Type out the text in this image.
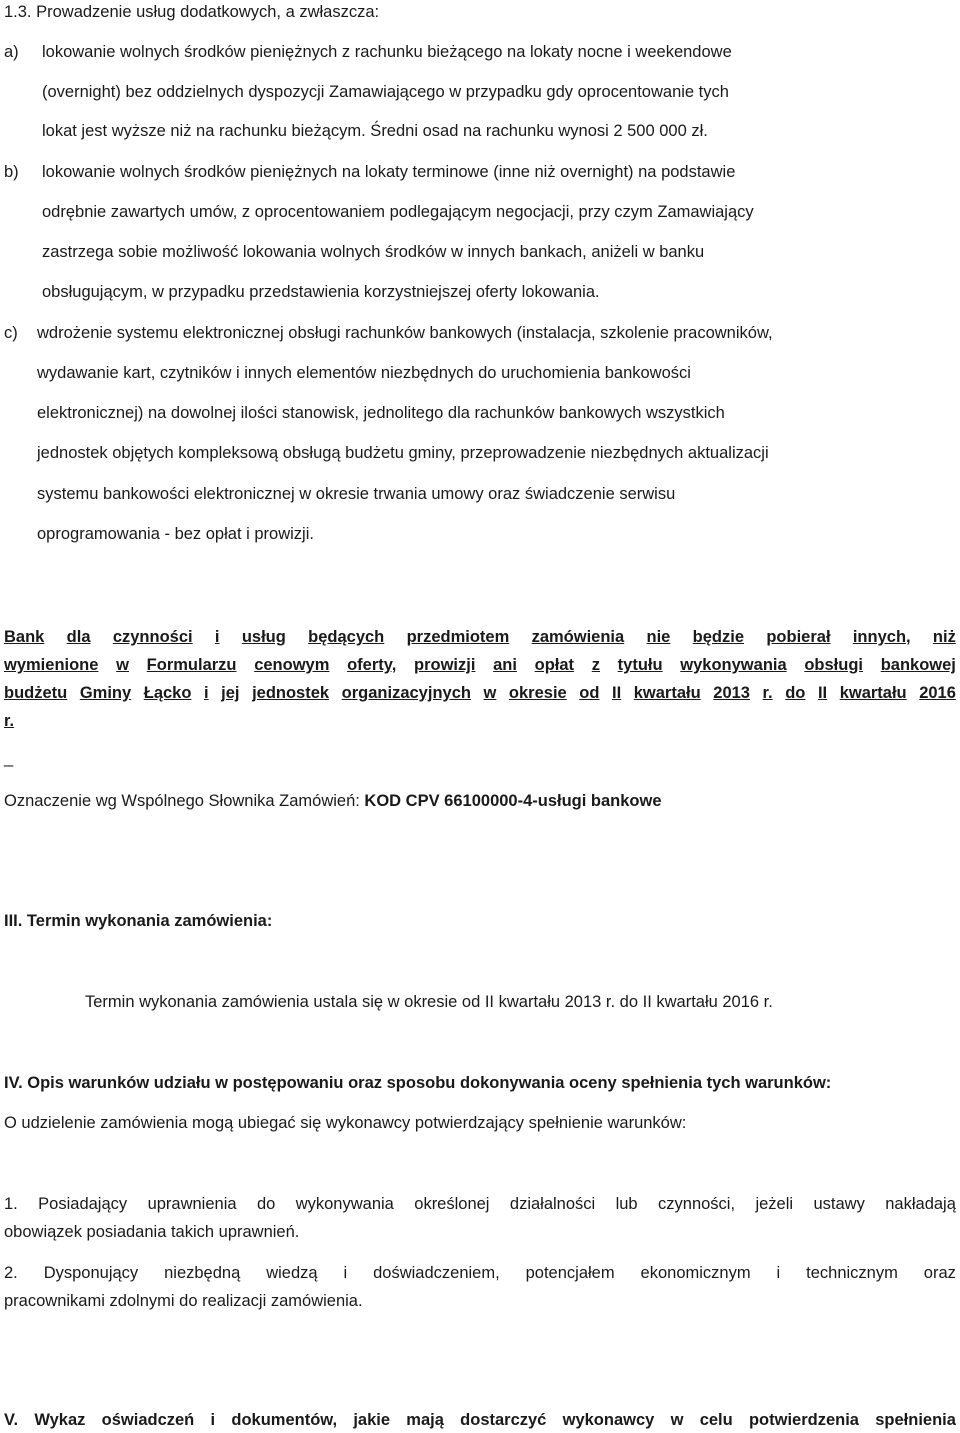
1.3. Prowadzenie usług dodatkowych, a zwłaszcza:
a) lokowanie wolnych środków pieniężnych z rachunku bieżącego na lokaty nocne i weekendowe
(overnight) bez oddzielnych dyspozycji Zamawiającego w przypadku gdy oprocentowanie tych
lokat jest wyższe niż na rachunku bieżącym. Średni osad na rachunku wynosi 2 500 000 zł.
b) lokowanie wolnych środków pieniężnych na lokaty terminowe (inne niż overnight) na podstawie
odrębnie zawartych umów, z oprocentowaniem podlegającym negocjacji, przy czym Zamawiający
zastrzega sobie możliwość lokowania wolnych środków w innych bankach, aniżeli w banku
obsługującym, w przypadku przedstawienia korzystniejszej oferty lokowania.
c) wdrożenie systemu elektronicznej obsługi rachunków bankowych (instalacja, szkolenie pracowników,
wydawanie kart, czytników i innych elementów niezbędnych do uruchomienia bankowości
elektronicznej) na dowolnej ilości stanowisk, jednolitego dla rachunków bankowych wszystkich
jednostek objętych kompleksową obsługą budżetu gminy, przeprowadzenie niezbędnych aktualizacji
systemu bankowości elektronicznej w okresie trwania umowy oraz świadczenie serwisu
oprogramowania - bez opłat i prowizji.
Bank dla czynności i usług będących przedmiotem zamówienia nie będzie pobierał innych, niż
wymienione w Formularzu cenowym oferty, prowizji ani opłat z tytułu wykonywania obsługi bankowej
budżetu Gminy Łącko i jej jednostek organizacyjnych w okresie od II kwartału 2013 r. do II kwartału 2016
r.
_
Oznaczenie wg Wspólnego Słownika Zamówień: KOD CPV 66100000-4-usługi bankowe
III. Termin wykonania zamówienia:
Termin wykonania zamówienia ustala się w okresie od II kwartału 2013 r. do II kwartału 2016 r.
IV. Opis warunków udziału w postępowaniu oraz sposobu dokonywania oceny spełnienia tych warunków:
O udzielenie zamówienia mogą ubiegać się wykonawcy potwierdzający spełnienie warunków:
1. Posiadający uprawnienia do wykonywania określonej działalności lub czynności, jeżeli ustawy nakładają
obowiązek posiadania takich uprawnień.
2. Dysponujący niezbędną wiedzą i doświadczeniem, potencjałem ekonomicznym i technicznym oraz
pracownikami zdolnymi do realizacji zamówienia.
V. Wykaz oświadczeń i dokumentów, jakie mają dostarczyć wykonawcy w celu potwierdzenia spełnienia
